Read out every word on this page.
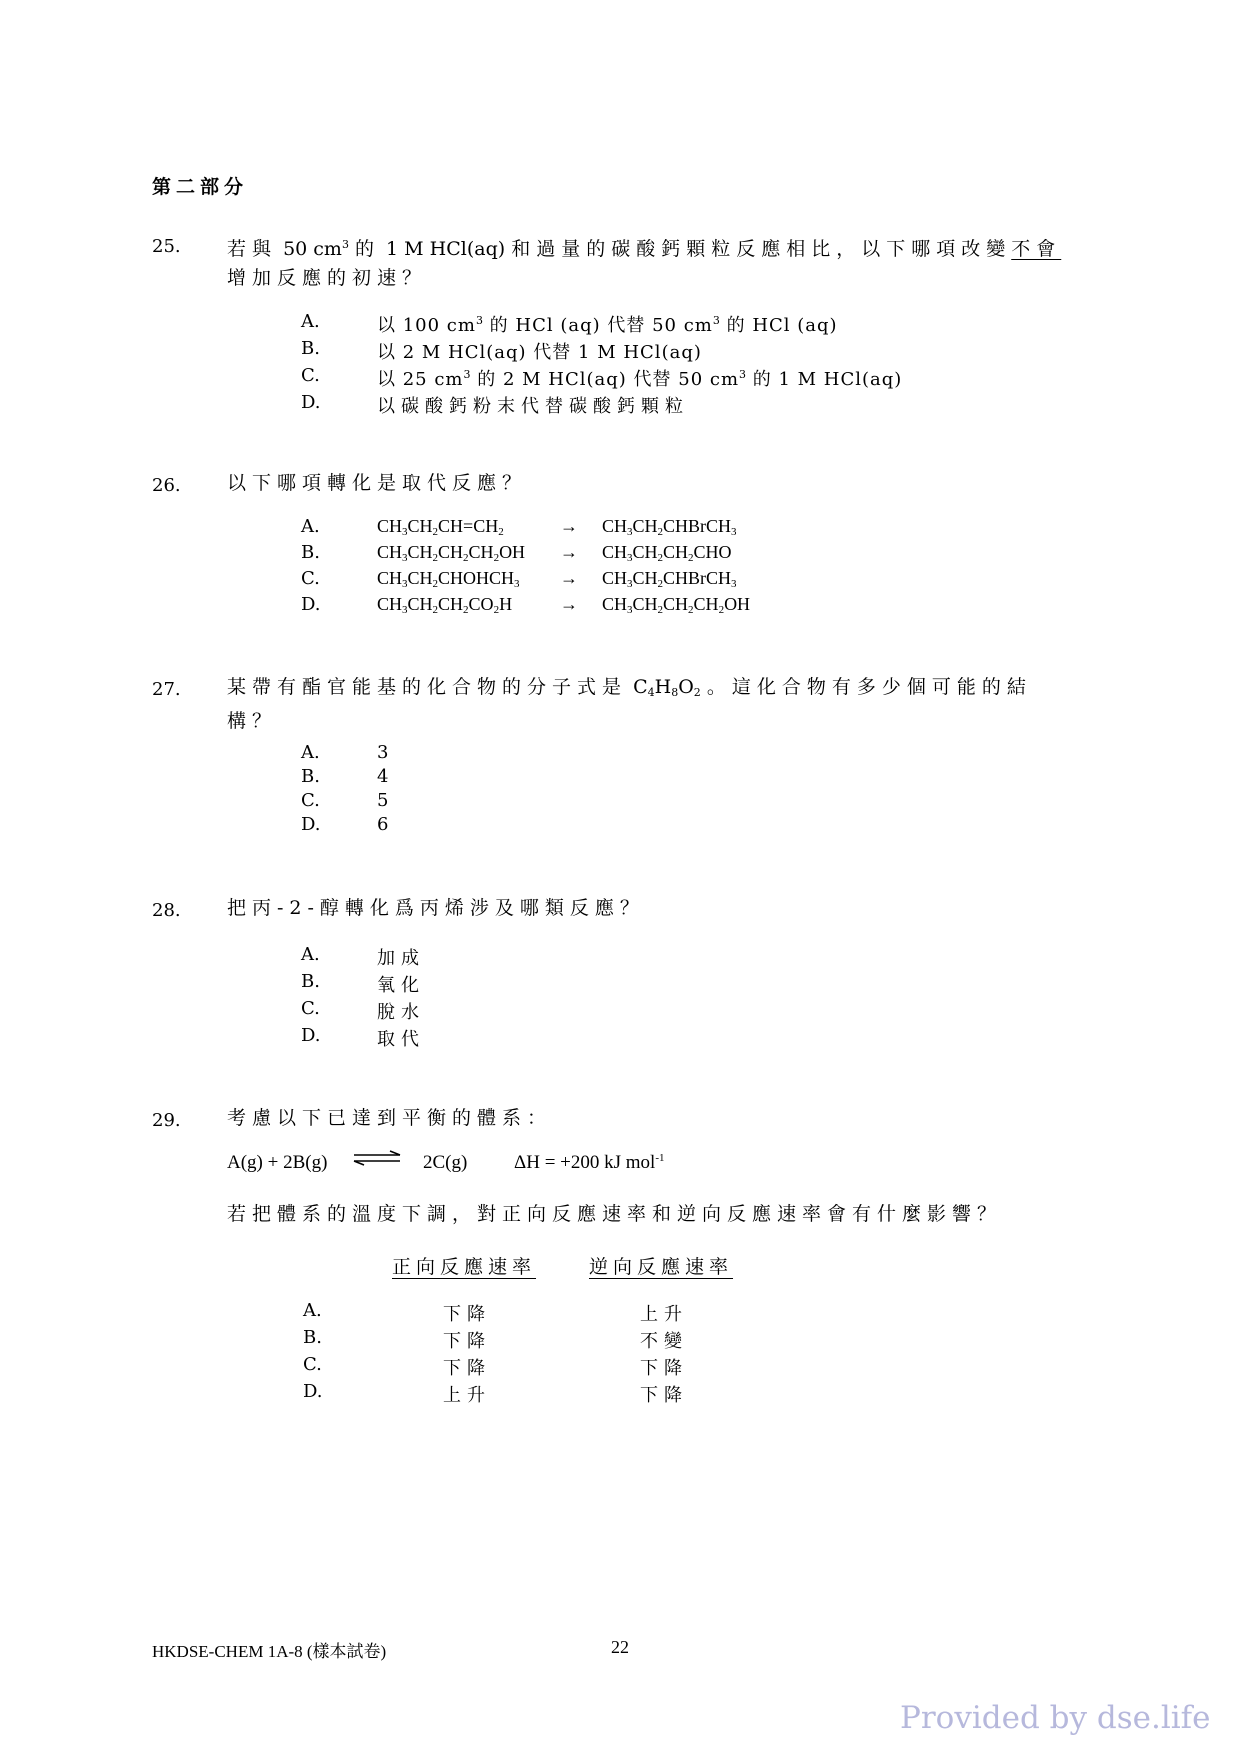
第二部分
25. 若與 50 $cm^3$ 的 1 M HCl(aq) 和過量的碳酸鈣顆粒反應相比，以下哪項改變不會
增加反應的初速？
A.	以 100 $cm^3$ 的 HCl (aq) 代替 50 $cm^3$ 的 HCl (aq)
B.	以 2 M HCl(aq) 代替 1 M HCl(aq)
C.	以 25 $cm^3$ 的 2 M HCl(aq) 代替 50 $cm^3$ 的 1 M HCl(aq)
D.	以碳酸鈣粉末代替碳酸鈣顆粒
26. 以下哪項轉化是取代反應？
A.	$CH_3CH_2CH=CH_2$	→ $CH_3CH_2CHBrCH_3$
B.	$CH_3CH_2CH_2CH_2OH \to CH_3CH_2CH_2CHO$
C.	$CH_3CH_2CHOHCH_3$ → $CH_3CH_2CHBrCH_3$
D.	$CH_3CH_2CH_2CO_2H$	→ $CH_3CH_2CH_2CH_2OH$
27. 某帶有酯官能基的化合物的分子式是 $C_4H_8O_2$ 。這化合物有多少個可能的結
構？
A.	3
B.	4
C.	5
D.	6
28. 把丙-2-醇轉化爲丙烯涉及哪類反應？
A.	加成
B.	氧化
C.	脫水
D.	取代
29. 考慮以下已達到平衡的體系：
A(g) + 2B(g) ⇌ 2C(g) ΔH = +200 kJ mol$^{-1}$
若把體系的溫度下調，對正向反應速率和逆向反應速率會有什麼影響？
正向反應速率	逆向反應速率
A.	下降	上升
B.	下降	不變
C.	下降	下降
D.	上升	下降
HKDSE-CHEM 1A-8 (樣本試卷)	22
Provided by dse.life
